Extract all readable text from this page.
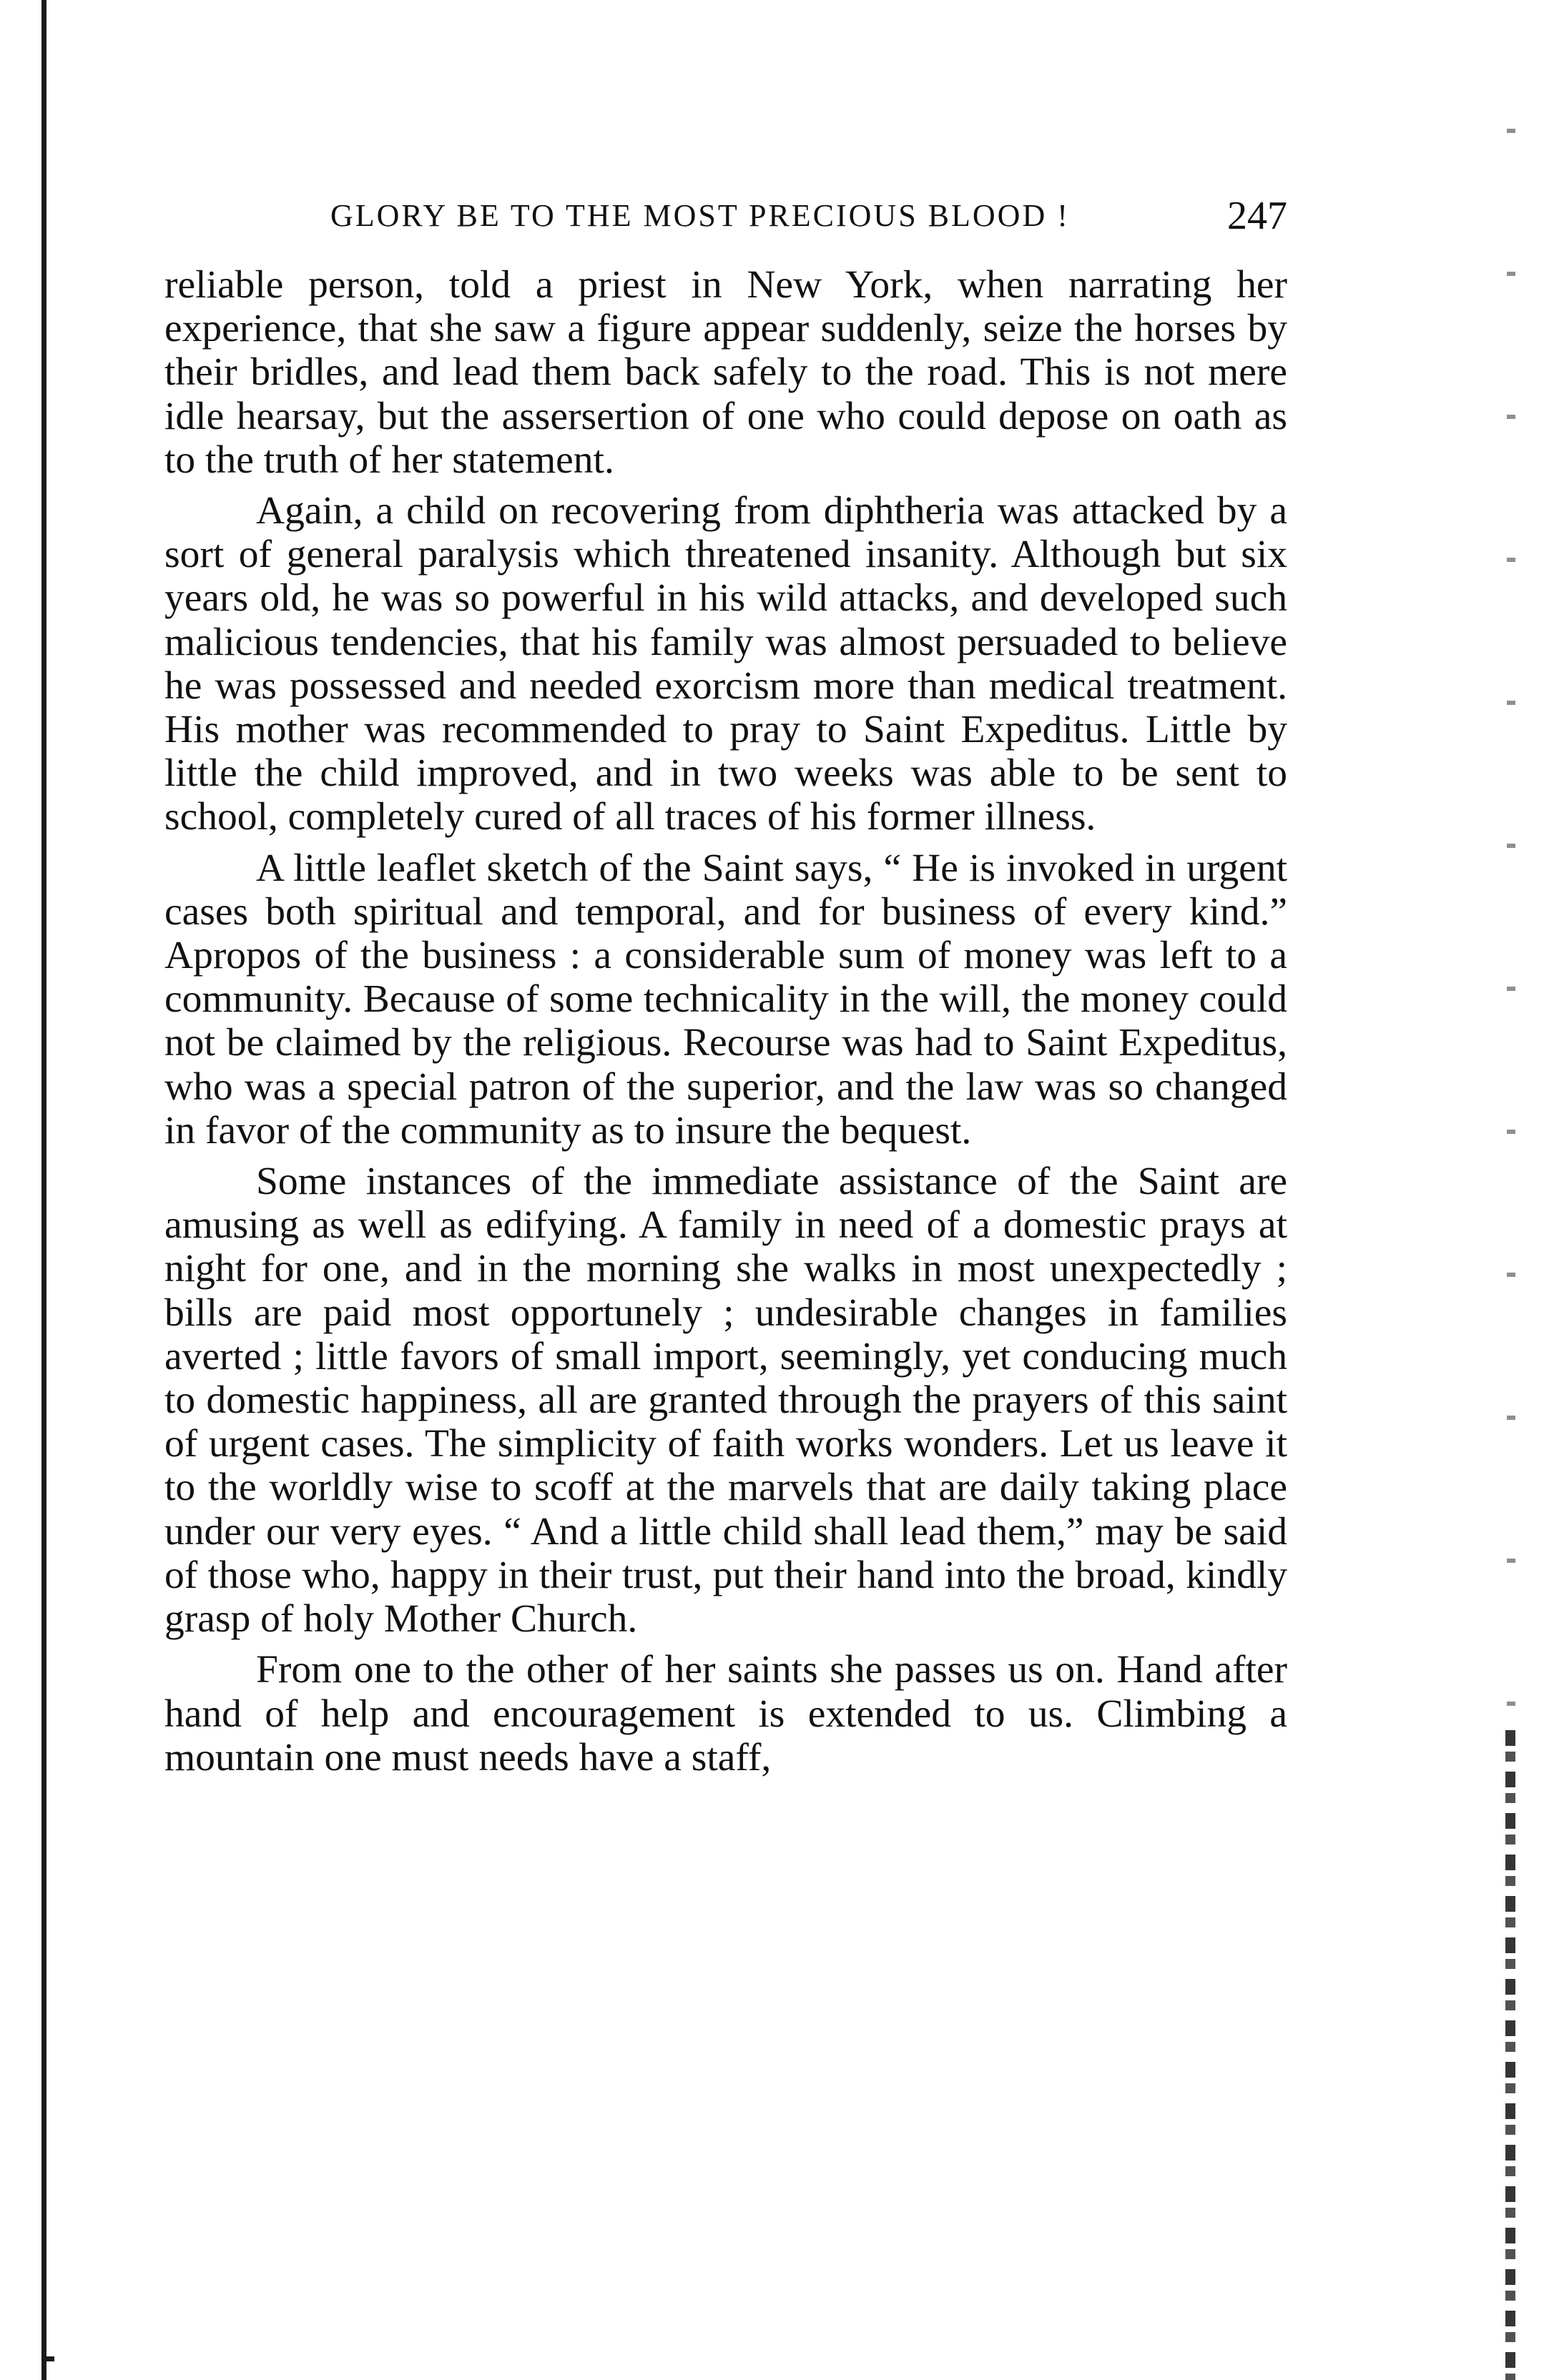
GLORY BE TO THE MOST PRECIOUS BLOOD !	247

reliable person, told a priest in New York, when narrating her experience, that she saw a figure appear suddenly, seize the horses by their bridles, and lead them back safely to the road. This is not mere idle hearsay, but the assersertion of one who could depose on oath as to the truth of her statement.

Again, a child on recovering from diphtheria was attacked by a sort of general paralysis which threatened insanity. Although but six years old, he was so powerful in his wild attacks, and developed such malicious tendencies, that his family was almost persuaded to believe he was possessed and needed exorcism more than medical treatment. His mother was recommended to pray to Saint Expeditus. Little by little the child improved, and in two weeks was able to be sent to school, completely cured of all traces of his former illness.

A little leaflet sketch of the Saint says, “ He is invoked in urgent cases both spiritual and temporal, and for business of every kind.” Apropos of the business : a considerable sum of money was left to a community. Because of some technicality in the will, the money could not be claimed by the religious. Recourse was had to Saint Expeditus, who was a special patron of the superior, and the law was so changed in favor of the community as to insure the bequest.

Some instances of the immediate assistance of the Saint are amusing as well as edifying. A family in need of a domestic prays at night for one, and in the morning she walks in most unexpectedly ; bills are paid most opportunely ; undesirable changes in families averted ; little favors of small import, seemingly, yet conducing much to domestic happiness, all are granted through the prayers of this saint of urgent cases. The simplicity of faith works wonders. Let us leave it to the worldly wise to scoff at the marvels that are daily taking place under our very eyes. “ And a little child shall lead them,” may be said of those who, happy in their trust, put their hand into the broad, kindly grasp of holy Mother Church.

From one to the other of her saints she passes us on. Hand after hand of help and encouragement is extended to us. Climbing a mountain one must needs have a staff,
